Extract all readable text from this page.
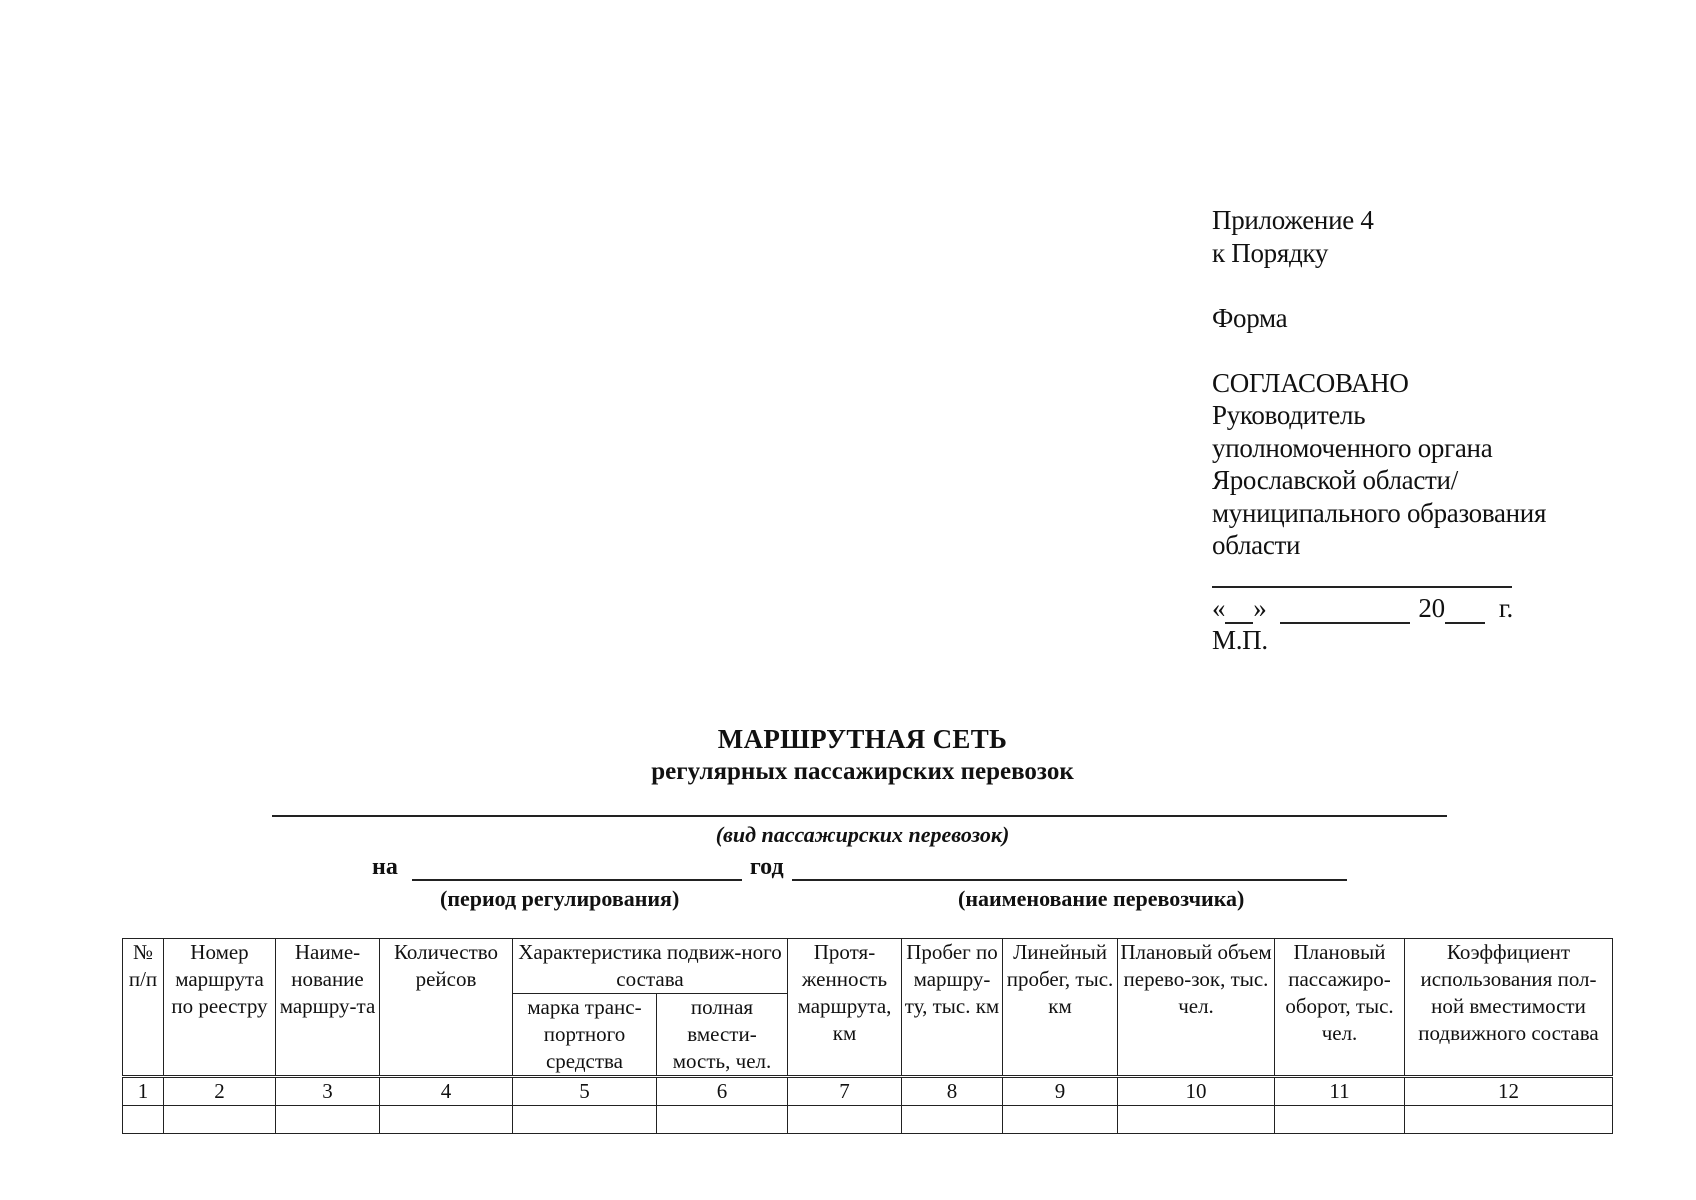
Приложение 4
к Порядку
Форма
СОГЛАСОВАНО
Руководитель
уполномоченного органа
Ярославской области/
муниципального образования
области
« »	20 г.
М.П.
МАРШРУТНАЯ СЕТЬ
регулярных пассажирских перевозок
(вид пассажирских перевозок)
на	год
(период регулирования)	(наименование перевозчика)
№ п/п	Номер маршрута по реестру	Наиме-нование маршру-та	Количество рейсов	Характеристика подвиж-ного состава		Протя-женность маршрута, км	Пробег по маршру-ту, тыс. км	Линейный пробег, тыс. км	Плановый объем перево-зок, тыс. чел.	Плановый пассажиро-оборот, тыс. чел.	Коэффициент использования пол-ной вместимости подвижного состава
				марка транс-портного средства	полная вмести-мость, чел.						
1	2	3	4	5	6	7	8	9	10	11	12
